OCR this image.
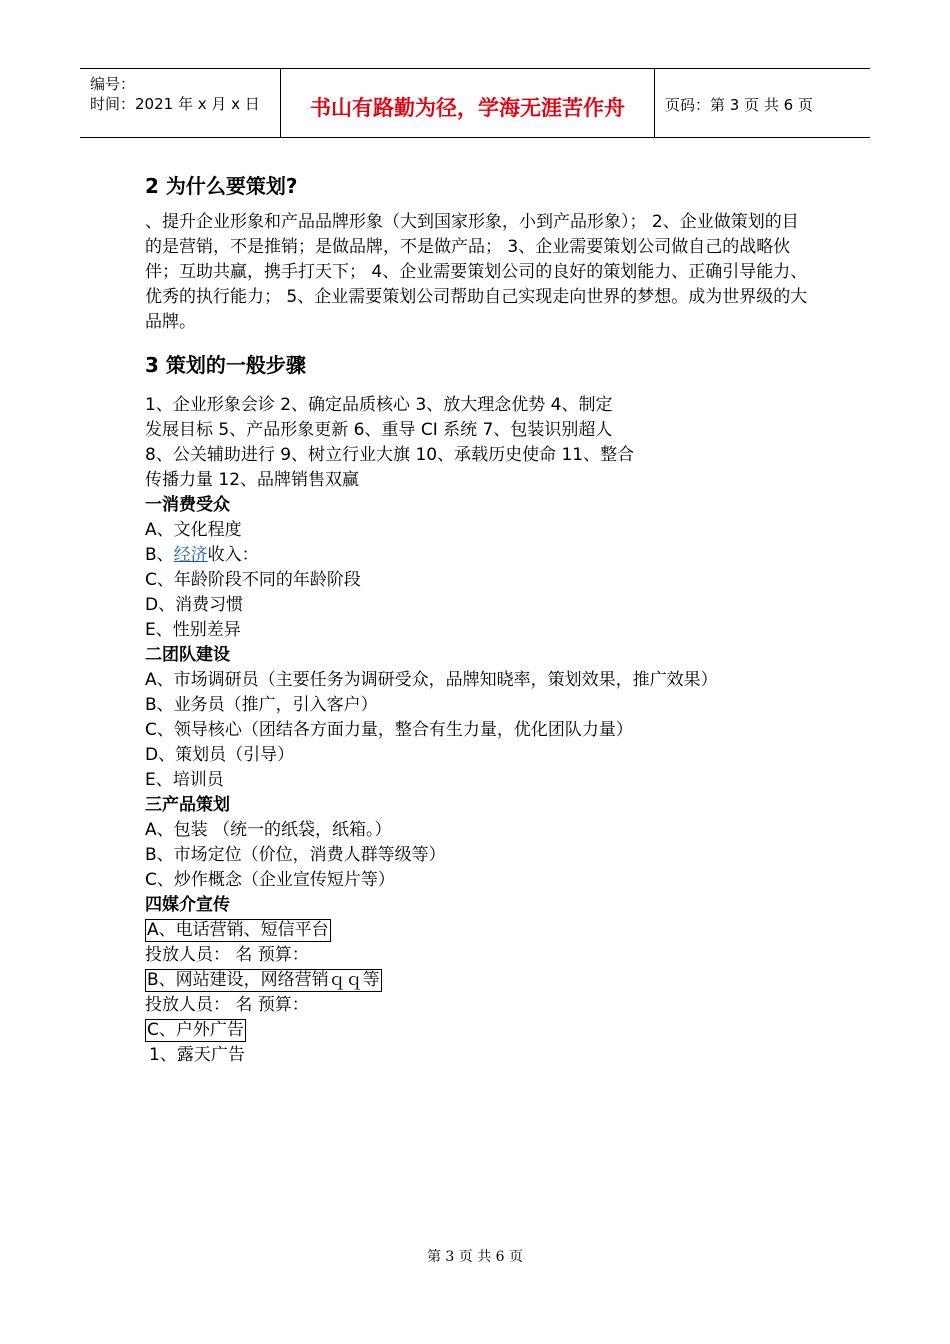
编号：
时间：2021 年 x 月 x 日	书山有路勤为径，学海无涯苦作舟	页码：第 3 页 共 6 页
2 为什么要策划?
、提升企业形象和产品品牌形象（大到国家形象，小到产品形象）； 2、企业做策划的目的是营销，不是推销；是做品牌，不是做产品； 3、企业需要策划公司做自己的战略伙伴；互助共赢，携手打天下； 4、企业需要策划公司的良好的策划能力、正确引导能力、优秀的执行能力； 5、企业需要策划公司帮助自己实现走向世界的梦想。成为世界级的大品牌。
3 策划的一般步骤
1、企业形象会诊 2、确定品质核心 3、放大理念优势 4、制定
发展目标 5、产品形象更新 6、重导 CI 系统 7、包装识别超人
8、公关辅助进行 9、树立行业大旗 10、承载历史使命 11、整合
传播力量 12、品牌销售双赢
一消费受众
A、文化程度
B、经济收入：
C、年龄阶段不同的年龄阶段
D、消费习惯
E、性别差异
二团队建设
A、市场调研员（主要任务为调研受众，品牌知晓率，策划效果，推广效果）
B、业务员（推广，引入客户）
C、领导核心（团结各方面力量，整合有生力量，优化团队力量）
D、策划员（引导）
E、培训员
三产品策划
A、包装 （统一的纸袋，纸箱。）
B、市场定位（价位，消费人群等级等）
C、炒作概念（企业宣传短片等）
四媒介宣传
A、电话营销、短信平台
投放人员： 名 预算：
B、网站建设，网络营销ｑｑ等
投放人员： 名 预算：
C、户外广告
1、露天广告
第 3 页 共 6 页
